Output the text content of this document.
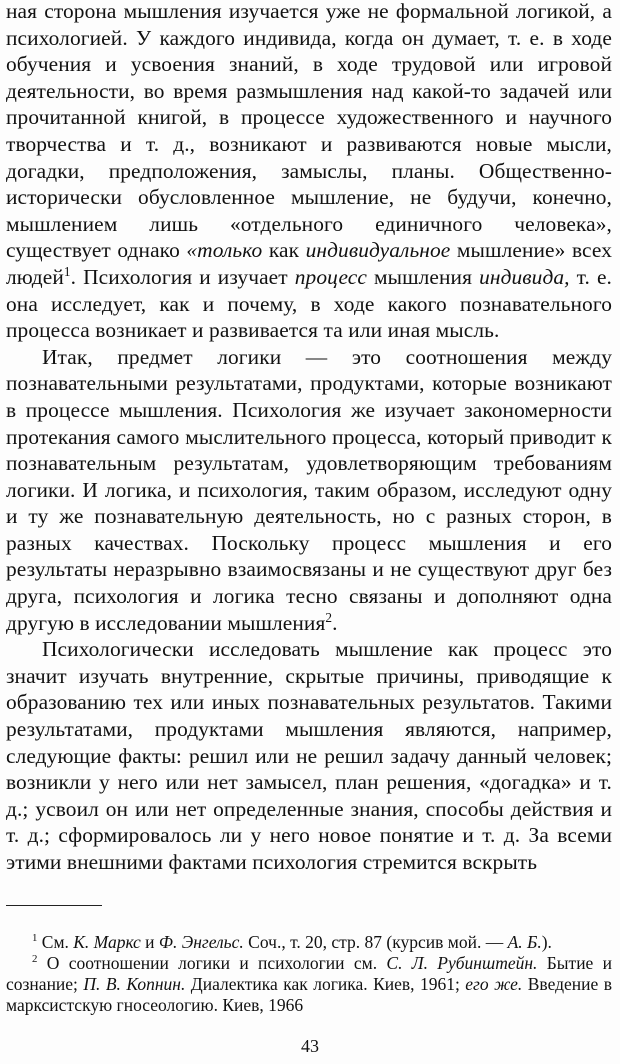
ная сторона мышления изучается уже не формальной логикой, а психологией. У каждого индивида, когда он думает, т. е. в ходе обучения и усвоения знаний, в ходе трудовой или игровой деятельности, во время размышления над какой-то задачей или прочитанной книгой, в процессе художественного и научного творчества и т. д., возникают и развиваются новые мысли, догадки, предположения, замыслы, планы. Общественно-исторически обусловленное мышление, не будучи, конечно, мышлением лишь «отдельного единичного человека», существует однако «только как индивидуальное мышление» всех людей$^1$. Психология и изучает процесс мышления индивида, т. е. она исследует, как и почему, в ходе какого познавательного процесса возникает и развивается та или иная мысль.

Итак, предмет логики — это соотношения между познавательными результатами, продуктами, которые возникают в процессе мышления. Психология же изучает закономерности протекания самого мыслительного процесса, который приводит к познавательным результатам, удовлетворяющим требованиям логики. И логика, и психология, таким образом, исследуют одну и ту же познавательную деятельность, но с разных сторон, в разных качествах. Поскольку процесс мышления и его результаты неразрывно взаимосвязаны и не существуют друг без друга, психология и логика тесно связаны и дополняют одна другую в исследовании мышления$^2$.

Психологически исследовать мышление как процесс это значит изучать внутренние, скрытые причины, приводящие к образованию тех или иных познавательных результатов. Такими результатами, продуктами мышления являются, например, следующие факты: решил или не решил задачу данный человек; возникли у него или нет замысел, план решения, «догадка» и т. д.; усвоил он или нет определенные знания, способы действия и т. д.; сформировалось ли у него новое понятие и т. д. За всеми этими внешними фактами психология стремится вскрыть

$^1$ См. К. Маркс и Ф. Энгельс. Соч., т. 20, стр. 87 (курсив мой. — А. Б.).

$^2$ О соотношении логики и психологии см. С. Л. Рубинштейн. Бытие и сознание; П. В. Копнин. Диалектика как логика. Киев, 1961; его же. Введение в марксистскую гносеологию. Киев, 1966

43
